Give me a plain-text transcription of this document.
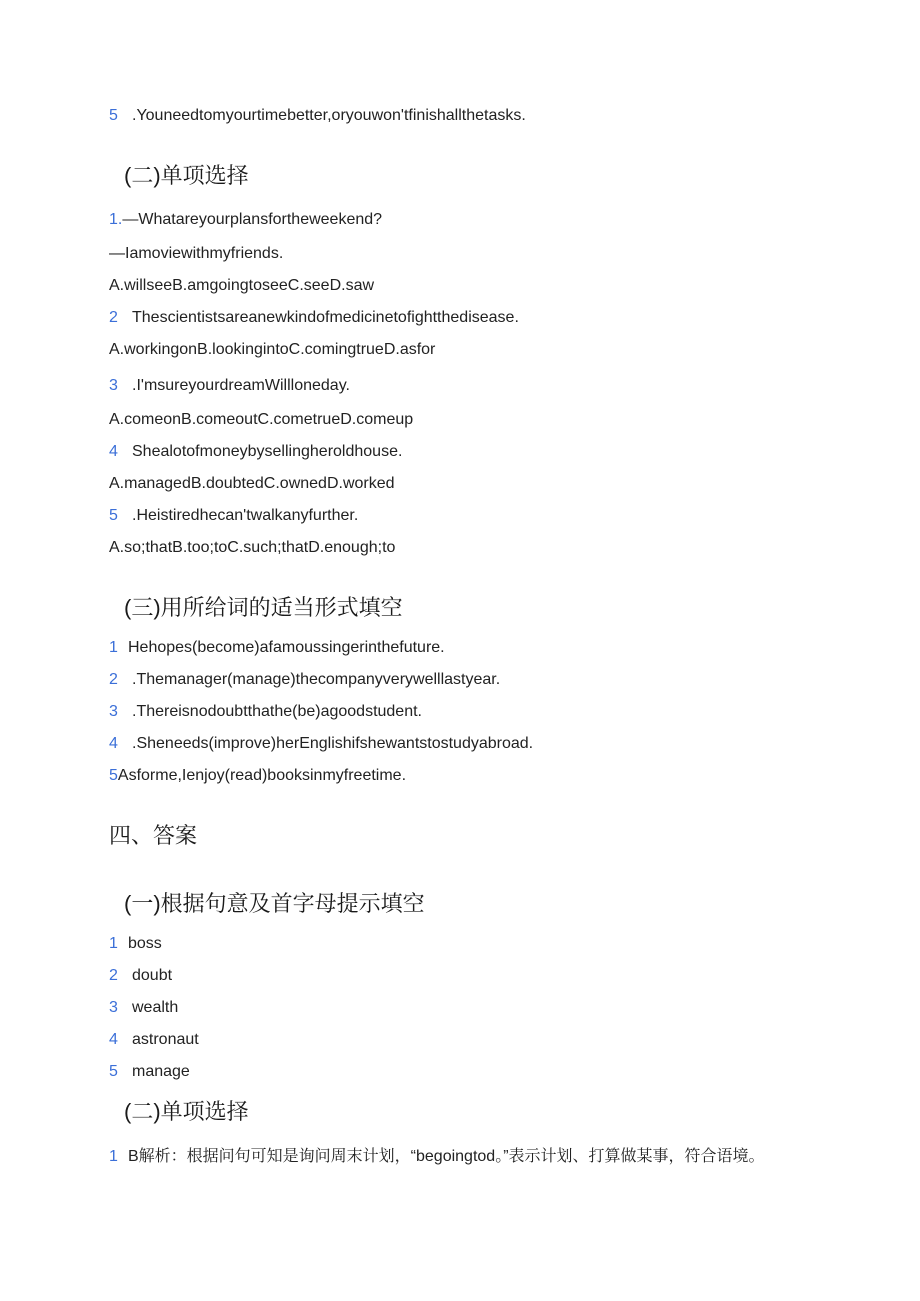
5 .Youneedtomyourtimebetter,oryouwon'tfinishallthetasks.
(二)单项选择
1.—Whatareyourplansfortheweekend?
—Iamoviewithmyfriends.
A.willseeB.amgoingtoseeC.seeD.saw
2 Thescientistsareanewkindofmedicinetofightthedisease.
A.workingonB.lookingintoC.comingtrueD.asfor
3 .I'msureyourdreamWillloneday.
A.comeonB.comeoutC.cometrueD.comeup
4 Shealotofmoneybysellingheroldhouse.
A.managedB.doubtedC.ownedD.worked
5 .Heistiredhecan'twalkanyfurther.
A.so;thatB.too;toC.such;thatD.enough;to
(三)用所给词的适当形式填空
1 Hehopes(become)afamoussingerinthefuture.
2 .Themanager(manage)thecompanyverywelllastyear.
3 .Thereisnodoubtthathe(be)agoodstudent.
4 .Sheneeds(improve)herEnglishifshewantstostudyabroad.
5Asforme,Ienjoy(read)booksinmyfreetime.
四、答案
(一)根据句意及首字母提示填空
1 boss
2 doubt
3 wealth
4 astronaut
5 manage
(二)单项选择
1 B解析：根据问句可知是询问周末计划，“begoingtod。”表示计划、打算做某事，符合语境。
